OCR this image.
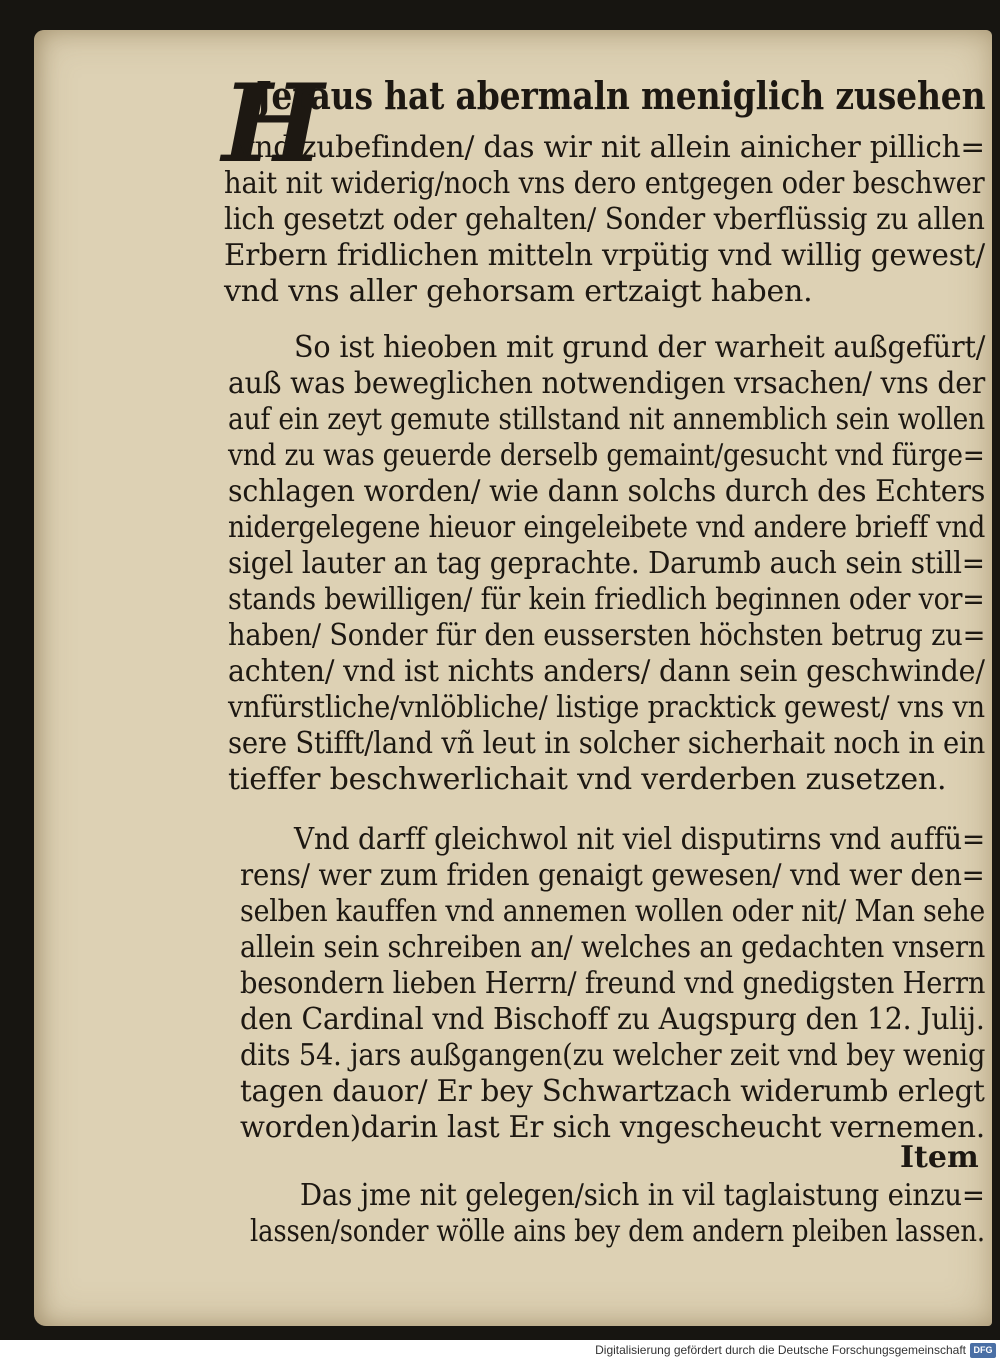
H
Jeraus hat abermaln meniglich zusehen
vnd zubefinden/ das wir nit allein ainicher pillich=
hait nit widerig/noch vns dero entgegen oder beschwer
lich gesetzt oder gehalten/ Sonder vberflüssig zu allen
Erbern fridlichen mitteln vrpütig vnd willig gewest/
vnd vns aller gehorsam ertzaigt haben.
So ist hieoben mit grund der warheit außgefürt/
auß was beweglichen notwendigen vrsachen/ vns der
auf ein zeyt gemute stillstand nit annemblich sein wollen
vnd zu was geuerde derselb gemaint/gesucht vnd fürge=
schlagen worden/ wie dann solchs durch des Echters
nidergelegene hieuor eingeleibete vnd andere brieff vnd
sigel lauter an tag geprachte. Darumb auch sein still=
stands bewilligen/ für kein friedlich beginnen oder vor=
haben/ Sonder für den eussersten höchsten betrug zu=
achten/ vnd ist nichts anders/ dann sein geschwinde/
vnfürstliche/vnlöbliche/ listige pracktick gewest/ vns vn
sere Stifft/land vñ leut in solcher sicherhait noch in ein
tieffer beschwerlichait vnd verderben zusetzen.
Vnd darff gleichwol nit viel disputirns vnd auffü=
rens/ wer zum friden genaigt gewesen/ vnd wer den=
selben kauffen vnd annemen wollen oder nit/ Man sehe
allein sein schreiben an/ welches an gedachten vnsern
besondern lieben Herrn/ freund vnd gnedigsten Herrn
den Cardinal vnd Bischoff zu Augspurg den 12. Julij.
dits 54. jars außgangen(zu welcher zeit vnd bey wenig
tagen dauor/ Er bey Schwartzach widerumb erlegt
worden)darin last Er sich vngescheucht vernemen.
Das jme nit gelegen/sich in vil taglaistung einzu=
lassen/sonder wölle ains bey dem andern pleiben lassen.
Item
Digitalisierung gefördert durch die Deutsche Forschungsgemeinschaft DFG
